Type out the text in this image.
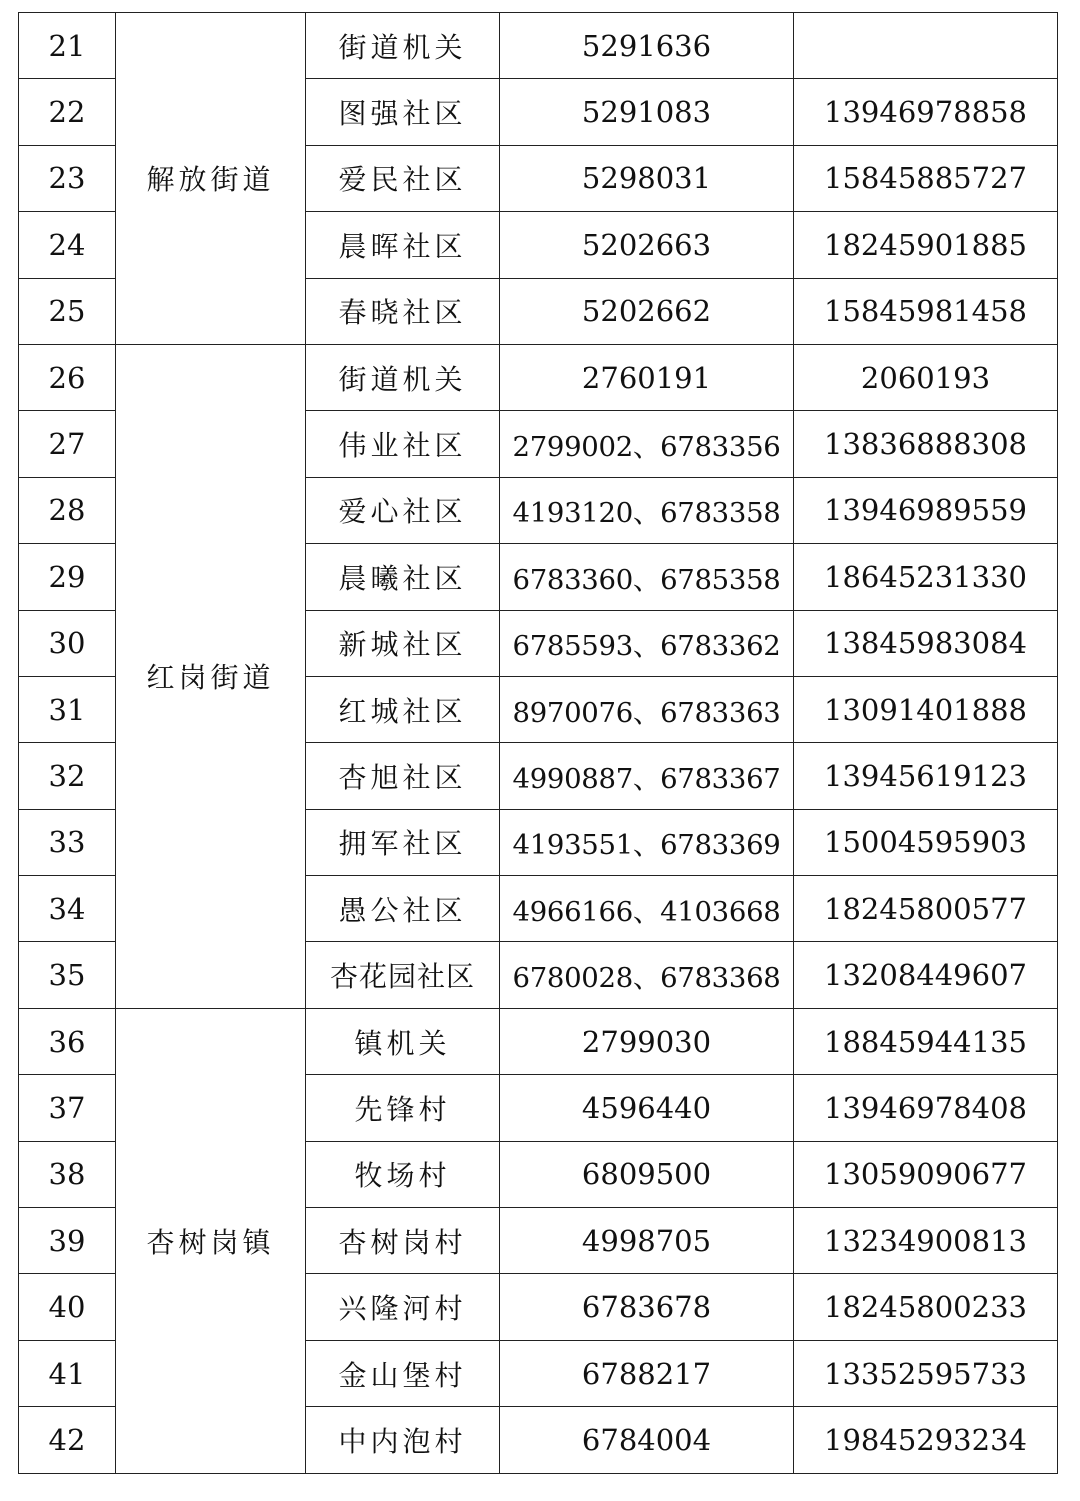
21	解放街道	街道机关	5291636	
22		图强社区	5291083	13946978858
23		爱民社区	5298031	15845885727
24		晨晖社区	5202663	18245901885
25		春晓社区	5202662	15845981458
26	红岗街道	街道机关	2760191	2060193
27		伟业社区	2799002、6783356	13836888308
28		爱心社区	4193120、6783358	13946989559
29		晨曦社区	6783360、6785358	18645231330
30		新城社区	6785593、6783362	13845983084
31		红城社区	8970076、6783363	13091401888
32		杏旭社区	4990887、6783367	13945619123
33		拥军社区	4193551、6783369	15004595903
34		愚公社区	4966166、4103668	18245800577
35		杏花园社区	6780028、6783368	13208449607
36	杏树岗镇	镇机关	2799030	18845944135
37		先锋村	4596440	13946978408
38		牧场村	6809500	13059090677
39		杏树岗村	4998705	13234900813
40		兴隆河村	6783678	18245800233
41		金山堡村	6788217	13352595733
42		中内泡村	6784004	19845293234
